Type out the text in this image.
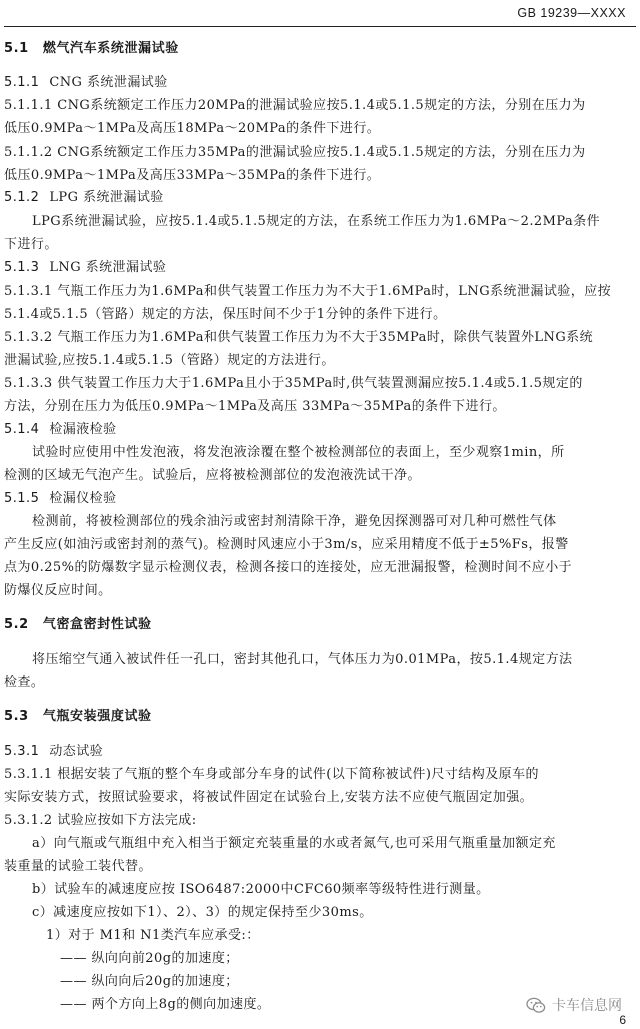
GB 19239—XXXX
5.1 燃气汽车系统泄漏试验
5.1.1 CNG 系统泄漏试验
5.1.1.1 CNG系统额定工作压力20MPa的泄漏试验应按5.1.4或5.1.5规定的方法，分别在压力为
低压0.9MPa～1MPa及高压18MPa～20MPa的条件下进行。
5.1.1.2 CNG系统额定工作压力35MPa的泄漏试验应按5.1.4或5.1.5规定的方法，分别在压力为
低压0.9MPa～1MPa及高压33MPa～35MPa的条件下进行。
5.1.2 LPG 系统泄漏试验
LPG系统泄漏试验，应按5.1.4或5.1.5规定的方法，在系统工作压力为1.6MPa～2.2MPa条件
下进行。
5.1.3 LNG 系统泄漏试验
5.1.3.1 气瓶工作压力为1.6MPa和供气装置工作压力为不大于1.6MPa时，LNG系统泄漏试验，应按
5.1.4或5.1.5（管路）规定的方法，保压时间不少于1分钟的条件下进行。
5.1.3.2 气瓶工作压力为1.6MPa和供气装置工作压力为不大于35MPa时，除供气装置外LNG系统
泄漏试验,应按5.1.4或5.1.5（管路）规定的方法进行。
5.1.3.3 供气装置工作压力大于1.6MPa且小于35MPa时,供气装置测漏应按5.1.4或5.1.5规定的
方法，分别在压力为低压0.9MPa～1MPa及高压 33MPa～35MPa的条件下进行。
5.1.4 检漏液检验
试验时应使用中性发泡液，将发泡液涂覆在整个被检测部位的表面上，至少观察1min，所
检测的区域无气泡产生。试验后，应将被检测部位的发泡液洗试干净。
5.1.5 检漏仪检验
检测前，将被检测部位的残余油污或密封剂清除干净，避免因探测器可对几种可燃性气体
产生反应(如油污或密封剂的蒸气)。检测时风速应小于3m/s，应采用精度不低于±5%Fs，报警
点为0.25%的防爆数字显示检测仪表，检测各接口的连接处，应无泄漏报警，检测时间不应小于
防爆仪反应时间。
5.2 气密盒密封性试验
将压缩空气通入被试件任一孔口，密封其他孔口，气体压力为0.01MPa，按5.1.4规定方法
检查。
5.3 气瓶安装强度试验
5.3.1 动态试验
5.3.1.1 根据安装了气瓶的整个车身或部分车身的试件(以下简称被试件)尺寸结构及原车的
实际安装方式，按照试验要求，将被试件固定在试验台上,安装方法不应使气瓶固定加强。
5.3.1.2 试验应按如下方法完成:
a）向气瓶或气瓶组中充入相当于额定充装重量的水或者氮气,也可采用气瓶重量加额定充
装重量的试验工装代替。
b）试验车的减速度应按 ISO6487:2000中CFC60频率等级特性进行测量。
c）减速度应按如下1）、2）、3）的规定保持至少30ms。
1）对于 M1和 N1类汽车应承受:：
—— 纵向向前20g的加速度；
—— 纵向向后20g的加速度；
—— 两个方向上8g的侧向加速度。	卡车信息网
6
